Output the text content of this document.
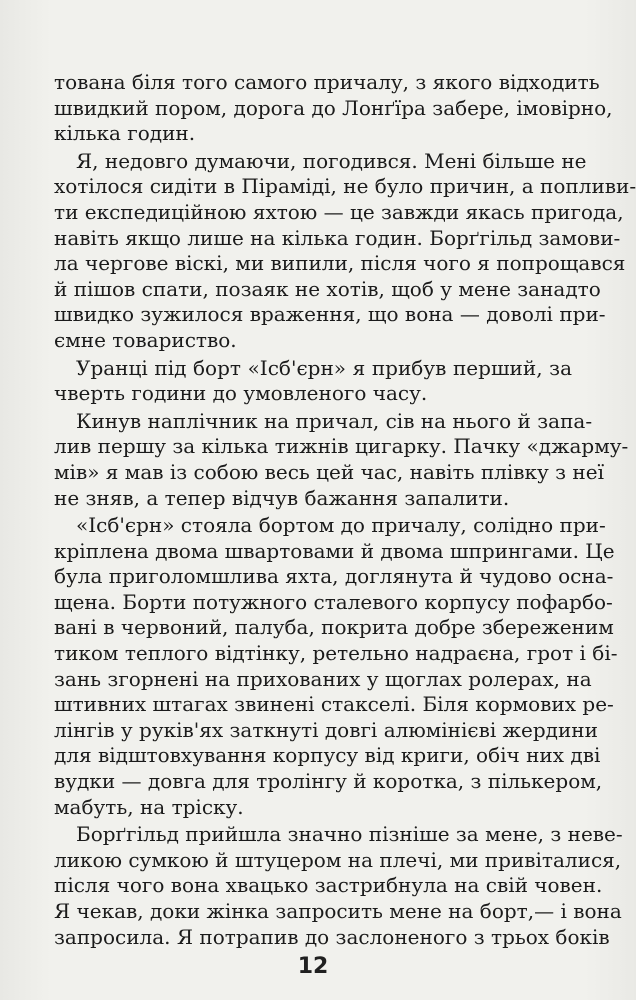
тована біля того самого причалу, з якого відходить
швидкий пором, дорога до Лонґїра забере, імовірно,
кілька годин.

Я, недовго думаючи, погодився. Мені більше не
хотілося сидіти в Піраміді, не було причин, а попливи-
ти експедиційною яхтою — це завжди якась пригода,
навіть якщо лише на кілька годин. Борґгільд замови-
ла чергове віскі, ми випили, після чого я попрощався
й пішов спати, позаяк не хотів, щоб у мене занадто
швидко зужилося враження, що вона — доволі при-
ємне товариство.

Уранці під борт «Ісб'єрн» я прибув перший, за
чверть години до умовленого часу.

Кинув наплічник на причал, сів на нього й запа-
лив першу за кілька тижнів цигарку. Пачку «джарму-
мів» я мав із собою весь цей час, навіть плівку з неї
не зняв, а тепер відчув бажання запалити.

«Ісб'єрн» стояла бортом до причалу, солідно при-
кріплена двома швартовами й двома шпрингами. Це
була приголомшлива яхта, доглянута й чудово осна-
щена. Борти потужного сталевого корпусу пофарбо-
вані в червоний, палуба, покрита добре збереженим
тиком теплого відтінку, ретельно надраєна, грот і бі-
зань згорнені на прихованих у щоглах ролерах, на
штивних штагах звинені стакселі. Біля кормових ре-
лінгів у руків'ях заткнуті довгі алюмінієві жердини
для відштовхування корпусу від криги, обіч них дві
вудки — довга для тролінгу й коротка, з пількером,
мабуть, на тріску.

Борґгільд прийшла значно пізніше за мене, з неве-
ликою сумкою й штуцером на плечі, ми привіталися,
після чого вона хвацько застрибнула на свій човен.
Я чекав, доки жінка запросить мене на борт,— і вона
запросила. Я потрапив до заслоненого з трьох боків

12
